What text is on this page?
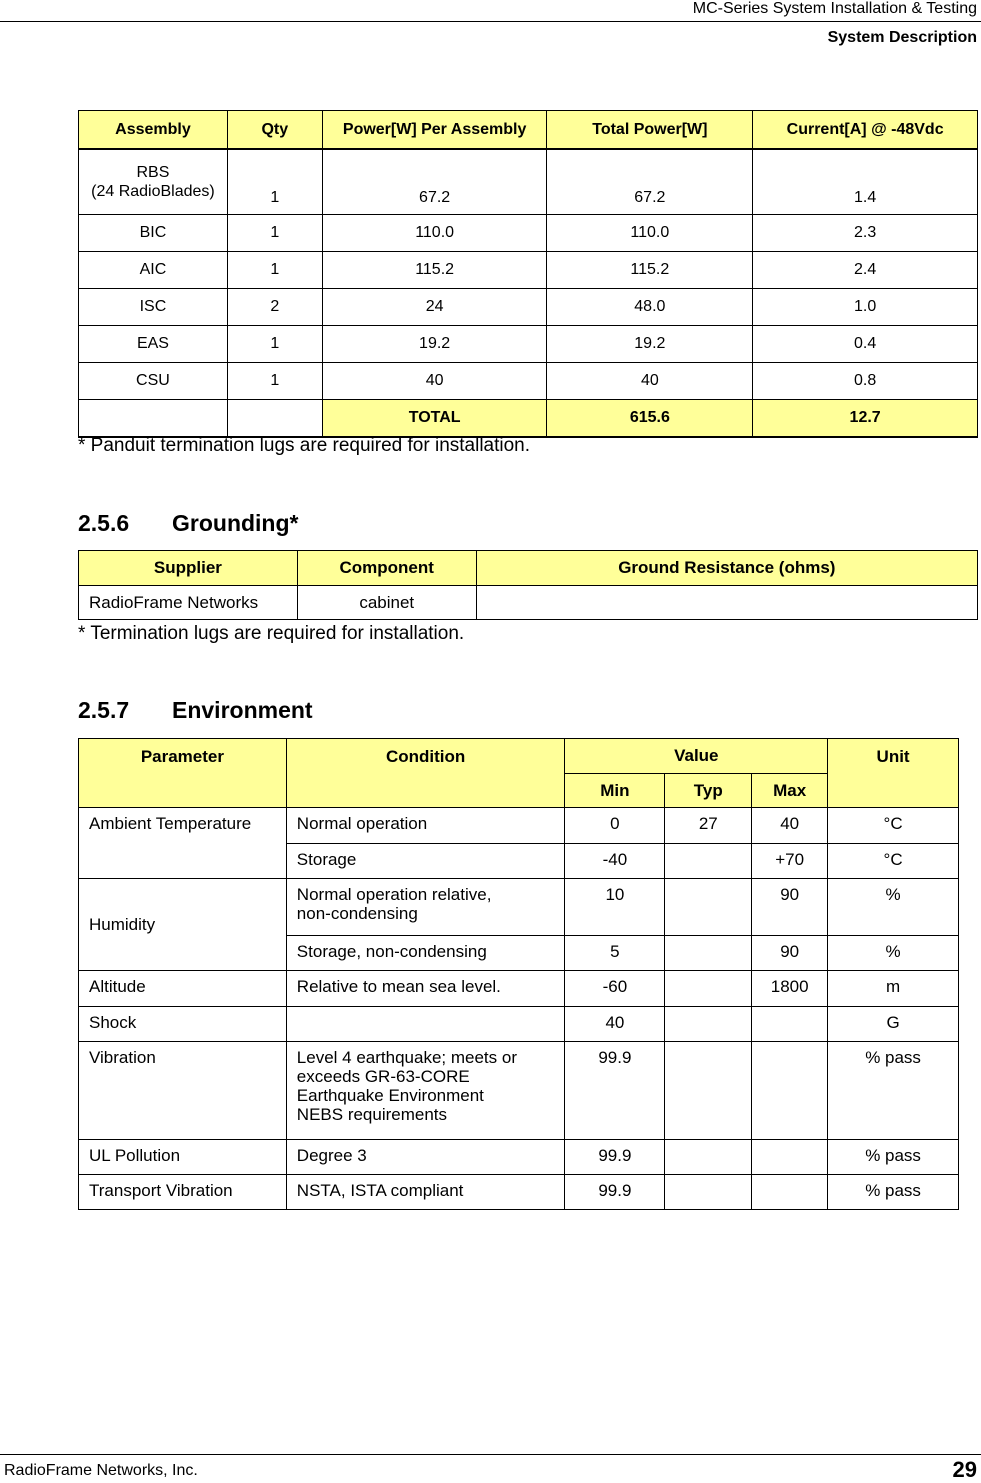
MC-Series System Installation & Testing
System Description
Assembly	Qty	Power[W] Per Assembly	Total Power[W]	Current[A] @ -48Vdc

RBS
(24 RadioBlades)	1	67.2	67.2	1.4
BIC	1	110.0	110.0	2.3
AIC	1	115.2	115.2	2.4
ISC	2	24	48.0	1.0
EAS	1	19.2	19.2	0.4
CSU	1	40	40	0.8
		TOTAL	615.6	12.7
* Panduit termination lugs are required for installation.
2.5.6 Grounding*
Supplier	Component	Ground Resistance (ohms)
RadioFrame Networks	cabinet	
* Termination lugs are required for installation.
2.5.7 Environment
Parameter	Condition	Value			Unit
		Min	Typ	Max	
Ambient Temperature	Normal operation	0	27	40	°C
	Storage	-40		+70	°C
Humidity	Normal operation relative,
non-condensing	10		90	%
	Storage, non-condensing	5		90	%
Altitude	Relative to mean sea level.	-60		1800	m
Shock		40			G
Vibration	Level 4 earthquake; meets or
exceeds GR-63-CORE
Earthquake Environment
NEBS requirements	99.9			% pass
UL Pollution	Degree 3	99.9			% pass
Transport Vibration	NSTA, ISTA compliant	99.9			% pass
RadioFrame Networks, Inc.	29
